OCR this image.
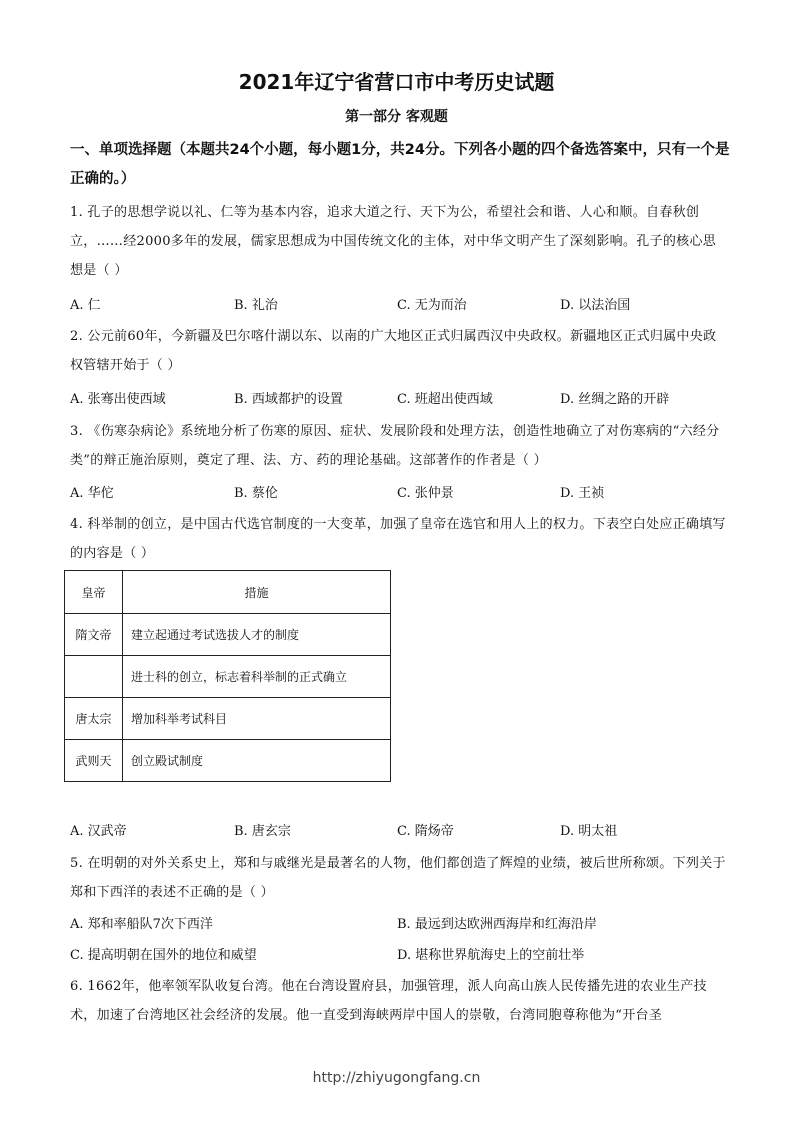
2021年辽宁省营口市中考历史试题
第一部分 客观题
一、单项选择题（本题共24个小题，每小题1分，共24分。下列各小题的四个备选答案中，只有一个是正确的。）
1. 孔子的思想学说以礼、仁等为基本内容，追求大道之行、天下为公，希望社会和谐、人心和顺。自春秋创立，……经2000多年的发展，儒家思想成为中国传统文化的主体，对中华文明产生了深刻影响。孔子的核心思想是（ ）
A. 仁	B. 礼治	C. 无为而治	D. 以法治国
2. 公元前60年，今新疆及巴尔喀什湖以东、以南的广大地区正式归属西汉中央政权。新疆地区正式归属中央政权管辖开始于（ ）
A. 张骞出使西域	B. 西域都护的设置	C. 班超出使西域	D. 丝绸之路的开辟
3. 《伤寒杂病论》系统地分析了伤寒的原因、症状、发展阶段和处理方法，创造性地确立了对伤寒病的“六经分类”的辩正施治原则，奠定了理、法、方、药的理论基础。这部著作的作者是（ ）
A. 华佗	B. 蔡伦	C. 张仲景	D. 王祯
4. 科举制的创立，是中国古代选官制度的一大变革，加强了皇帝在选官和用人上的权力。下表空白处应正确填写的内容是（ ）
皇帝	措施
隋文帝	建立起通过考试选拔人才的制度
	进士科的创立，标志着科举制的正式确立
唐太宗	增加科举考试科目
武则天	创立殿试制度
A. 汉武帝	B. 唐玄宗	C. 隋炀帝	D. 明太祖
5. 在明朝的对外关系史上，郑和与戚继光是最著名的人物，他们都创造了辉煌的业绩，被后世所称颂。下列关于郑和下西洋的表述不正确的是（ ）
A. 郑和率船队7次下西洋	B. 最远到达欧洲西海岸和红海沿岸
C. 提高明朝在国外的地位和威望	D. 堪称世界航海史上的空前壮举
6. 1662年，他率领军队收复台湾。他在台湾设置府县，加强管理，派人向高山族人民传播先进的农业生产技术，加速了台湾地区社会经济的发展。他一直受到海峡两岸中国人的崇敬，台湾同胞尊称他为“开台圣
http://zhiyugongfang.cn
